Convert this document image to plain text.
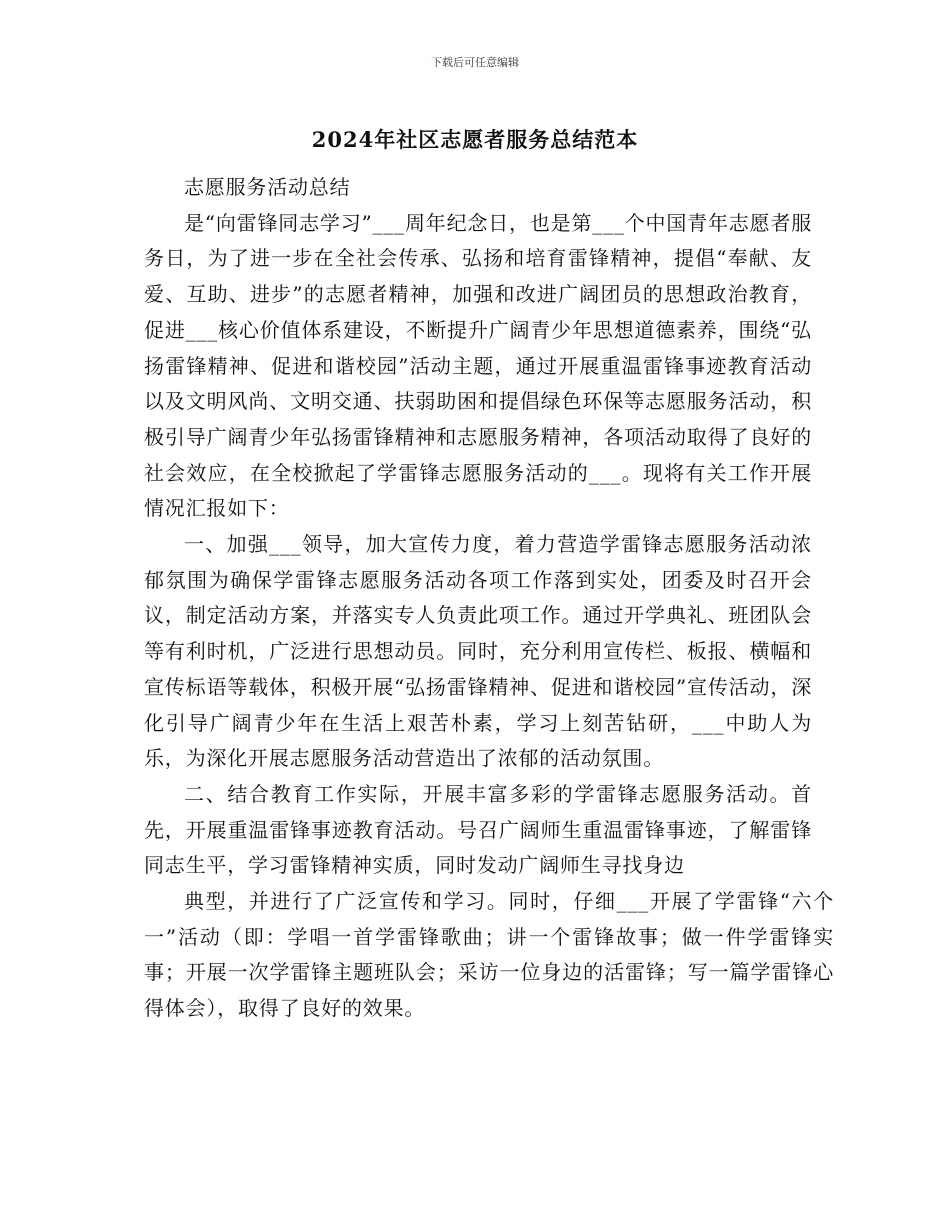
下载后可任意编辑
2024年社区志愿者服务总结范本

志愿服务活动总结

是“向雷锋同志学习”___周年纪念日，也是第___个中国青年志愿者服务日，为了进一步在全社会传承、弘扬和培育雷锋精神，提倡“奉献、友爱、互助、进步”的志愿者精神，加强和改进广阔团员的思想政治教育，促进___核心价值体系建设，不断提升广阔青少年思想道德素养，围绕“弘扬雷锋精神、促进和谐校园”活动主题，通过开展重温雷锋事迹教育活动以及文明风尚、文明交通、扶弱助困和提倡绿色环保等志愿服务活动，积极引导广阔青少年弘扬雷锋精神和志愿服务精神，各项活动取得了良好的社会效应，在全校掀起了学雷锋志愿服务活动的___。现将有关工作开展情况汇报如下：

一、加强___领导，加大宣传力度，着力营造学雷锋志愿服务活动浓郁氛围为确保学雷锋志愿服务活动各项工作落到实处，团委及时召开会议，制定活动方案，并落实专人负责此项工作。通过开学典礼、班团队会等有利时机，广泛进行思想动员。同时，充分利用宣传栏、板报、横幅和宣传标语等载体，积极开展“弘扬雷锋精神、促进和谐校园”宣传活动，深化引导广阔青少年在生活上艰苦朴素，学习上刻苦钻研，___中助人为乐，为深化开展志愿服务活动营造出了浓郁的活动氛围。

二、结合教育工作实际，开展丰富多彩的学雷锋志愿服务活动。首先，开展重温雷锋事迹教育活动。号召广阔师生重温雷锋事迹，了解雷锋同志生平，学习雷锋精神实质，同时发动广阔师生寻找身边

典型，并进行了广泛宣传和学习。同时，仔细___开展了学雷锋“六个一”活动（即：学唱一首学雷锋歌曲；讲一个雷锋故事；做一件学雷锋实事；开展一次学雷锋主题班队会；采访一位身边的活雷锋；写一篇学雷锋心得体会），取得了良好的效果。
